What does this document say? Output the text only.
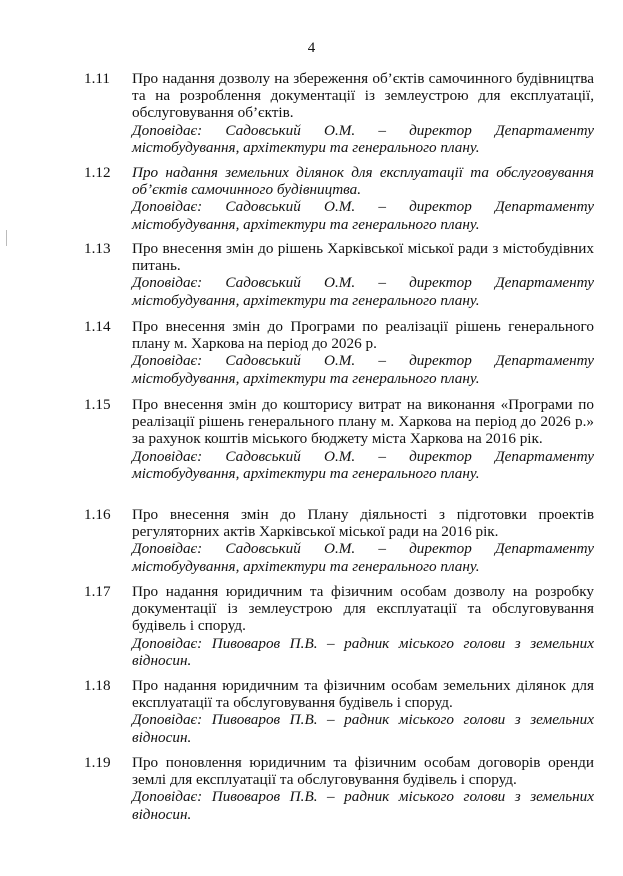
4
1.11	Про надання дозволу на збереження об’єктів самочинного будівництва та на розроблення документації із землеустрою для експлуатації, обслуговування об’єктів.
Доповідає: Садовський О.М. – директор Департаменту містобудування, архітектури та генерального плану.
1.12	Про надання земельних ділянок для експлуатації та обслуговування об’єктів самочинного будівництва.
Доповідає: Садовський О.М. – директор Департаменту містобудування, архітектури та генерального плану.
1.13	Про внесення змін до рішень Харківської міської ради з містобудівних питань.
Доповідає: Садовський О.М. – директор Департаменту містобудування, архітектури та генерального плану.
1.14	Про внесення змін до Програми по реалізації рішень генерального плану м. Харкова на період до 2026 р.
Доповідає: Садовський О.М. – директор Департаменту містобудування, архітектури та генерального плану.
1.15	Про внесення змін до кошторису витрат на виконання «Програми по реалізації рішень генерального плану м. Харкова на період до 2026 р.» за рахунок коштів міського бюджету міста Харкова на 2016 рік.
Доповідає: Садовський О.М. – директор Департаменту містобудування, архітектури та генерального плану.
1.16	Про внесення змін до Плану діяльності з підготовки проектів регуляторних актів Харківської міської ради на 2016 рік.
Доповідає: Садовський О.М. – директор Департаменту містобудування, архітектури та генерального плану.
1.17	Про надання юридичним та фізичним особам дозволу на розробку документації із землеустрою для експлуатації та обслуговування будівель і споруд.
Доповідає: Пивоваров П.В. – радник міського голови з земельних відносин.
1.18	Про надання юридичним та фізичним особам земельних ділянок для експлуатації та обслуговування будівель і споруд.
Доповідає: Пивоваров П.В. – радник міського голови з земельних відносин.
1.19	Про поновлення юридичним та фізичним особам договорів оренди землі для експлуатації та обслуговування будівель і споруд.
Доповідає: Пивоваров П.В. – радник міського голови з земельних відносин.
